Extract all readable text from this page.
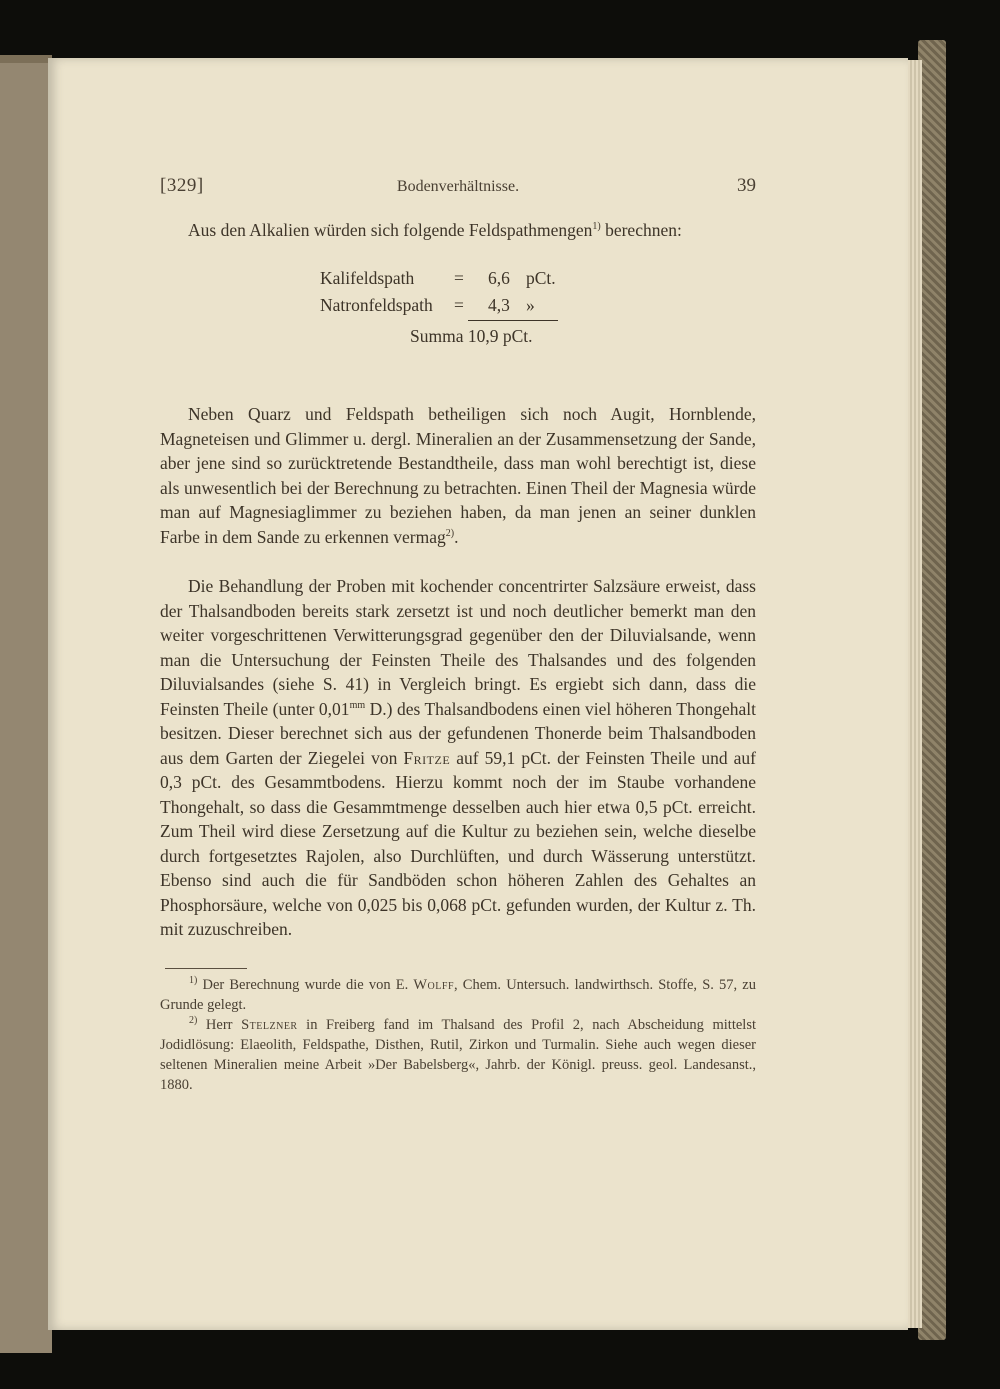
[329]	Bodenverhältnisse.	39

Aus den Alkalien würden sich folgende Feldspathmengen$^{1)}$ berechnen:

Kalifeldspath = 6,6 pCt.
Natronfeldspath = 4,3 »
Summa 10,9 pCt.

Neben Quarz und Feldspath betheiligen sich noch Augit, Hornblende, Magneteisen und Glimmer u. dergl. Mineralien an der Zusammensetzung der Sande, aber jene sind so zurücktretende Bestandtheile, dass man wohl berechtigt ist, diese als unwesentlich bei der Berechnung zu betrachten. Einen Theil der Magnesia würde man auf Magnesiaglimmer zu beziehen haben, da man jenen an seiner dunklen Farbe in dem Sande zu erkennen vermag$^{2)}$.

Die Behandlung der Proben mit kochender concentrirter Salzsäure erweist, dass der Thalsandboden bereits stark zersetzt ist und noch deutlicher bemerkt man den weiter vorgeschrittenen Verwitterungsgrad gegenüber den der Diluvialsande, wenn man die Untersuchung der Feinsten Theile des Thalsandes und des folgenden Diluvialsandes (siehe S. 41) in Vergleich bringt. Es ergiebt sich dann, dass die Feinsten Theile (unter $0,01^{mm}$ D.) des Thalsandbodens einen viel höheren Thongehalt besitzen. Dieser berechnet sich aus der gefundenen Thonerde beim Thalsandboden aus dem Garten der Ziegelei von Fritze auf 59,1 pCt. der Feinsten Theile und auf 0,3 pCt. des Gesammtbodens. Hierzu kommt noch der im Staube vorhandene Thongehalt, so dass die Gesammtmenge desselben auch hier etwa 0,5 pCt. erreicht. Zum Theil wird diese Zersetzung auf die Kultur zu beziehen sein, welche dieselbe durch fortgesetztes Rajolen, also Durchlüften, und durch Wässerung unterstützt. Ebenso sind auch die für Sandböden schon höheren Zahlen des Gehaltes an Phosphorsäure, welche von 0,025 bis 0,068 pCt. gefunden wurden, der Kultur z. Th. mit zuzuschreiben.

$^{1)}$ Der Berechnung wurde die von E. Wolff, Chem. Untersuch. landwirthsch. Stoffe, S. 57, zu Grunde gelegt.

$^{2)}$ Herr Stelzner in Freiberg fand im Thalsand des Profil 2, nach Abscheidung mittelst Jodidlösung: Elaeolith, Feldspathe, Disthen, Rutil, Zirkon und Turmalin. Siehe auch wegen dieser seltenen Mineralien meine Arbeit »Der Babelsberg«, Jahrb. der Königl. preuss. geol. Landesanst., 1880.
